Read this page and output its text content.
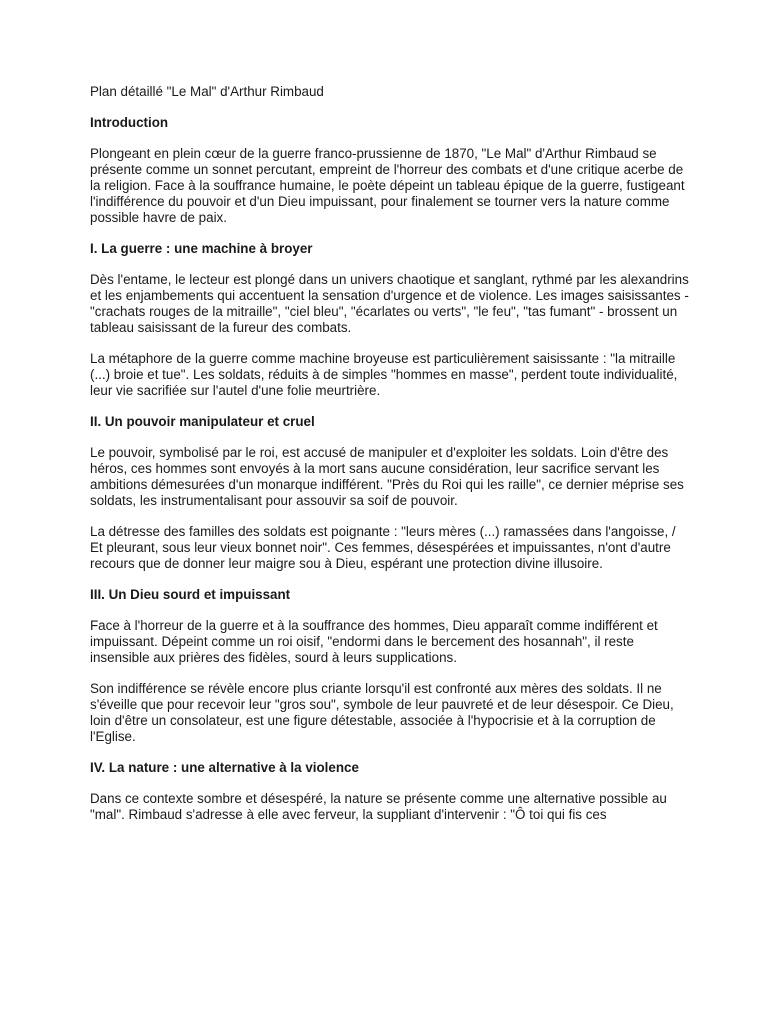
Plan détaillé "Le Mal" d'Arthur Rimbaud

Introduction

Plongeant en plein cœur de la guerre franco-prussienne de 1870, "Le Mal" d'Arthur Rimbaud se présente comme un sonnet percutant, empreint de l'horreur des combats et d'une critique acerbe de la religion. Face à la souffrance humaine, le poète dépeint un tableau épique de la guerre, fustigeant l'indifférence du pouvoir et d'un Dieu impuissant, pour finalement se tourner vers la nature comme possible havre de paix.

I. La guerre : une machine à broyer

Dès l'entame, le lecteur est plongé dans un univers chaotique et sanglant, rythmé par les alexandrins et les enjambements qui accentuent la sensation d'urgence et de violence. Les images saisissantes - "crachats rouges de la mitraille", "ciel bleu", "écarlates ou verts", "le feu", "tas fumant" - brossent un tableau saisissant de la fureur des combats.

La métaphore de la guerre comme machine broyeuse est particulièrement saisissante : "la mitraille (...) broie et tue". Les soldats, réduits à de simples "hommes en masse", perdent toute individualité, leur vie sacrifiée sur l'autel d'une folie meurtrière.

II. Un pouvoir manipulateur et cruel

Le pouvoir, symbolisé par le roi, est accusé de manipuler et d'exploiter les soldats. Loin d'être des héros, ces hommes sont envoyés à la mort sans aucune considération, leur sacrifice servant les ambitions démesurées d'un monarque indifférent. "Près du Roi qui les raille", ce dernier méprise ses soldats, les instrumentalisant pour assouvir sa soif de pouvoir.

La détresse des familles des soldats est poignante : "leurs mères (...) ramassées dans l'angoisse, / Et pleurant, sous leur vieux bonnet noir". Ces femmes, désespérées et impuissantes, n'ont d'autre recours que de donner leur maigre sou à Dieu, espérant une protection divine illusoire.

III. Un Dieu sourd et impuissant

Face à l'horreur de la guerre et à la souffrance des hommes, Dieu apparaît comme indifférent et impuissant. Dépeint comme un roi oisif, "endormi dans le bercement des hosannah", il reste insensible aux prières des fidèles, sourd à leurs supplications.

Son indifférence se révèle encore plus criante lorsqu'il est confronté aux mères des soldats. Il ne s'éveille que pour recevoir leur "gros sou", symbole de leur pauvreté et de leur désespoir. Ce Dieu, loin d'être un consolateur, est une figure détestable, associée à l'hypocrisie et à la corruption de l'Eglise.

IV. La nature : une alternative à la violence

Dans ce contexte sombre et désespéré, la nature se présente comme une alternative possible au "mal". Rimbaud s'adresse à elle avec ferveur, la suppliant d'intervenir : "Ô toi qui fis ces
